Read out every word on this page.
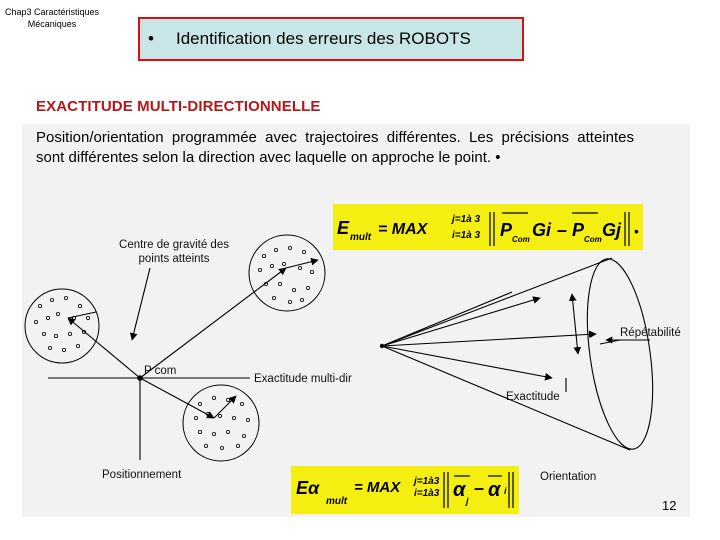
Chap3 Caractéristiques Mécaniques
•	Identification des erreurs des ROBOTS
EXACTITUDE MULTI-DIRECTIONNELLE
Position/orientation programmée avec trajectoires différentes. Les précisions atteintes sont différentes selon la direction avec laquelle on approche le point. •
E mult = MAX
j=1à 3
i=1à 3 P Com Gi – P Com Gj •
Eα
mult
= MAX j=1à3
i=1à3 α j
– α i
Centre de gravité des points atteints
P com
Exactitude multi-dir
Répétabilité
Exactitude
Positionnement	Orientation
12
